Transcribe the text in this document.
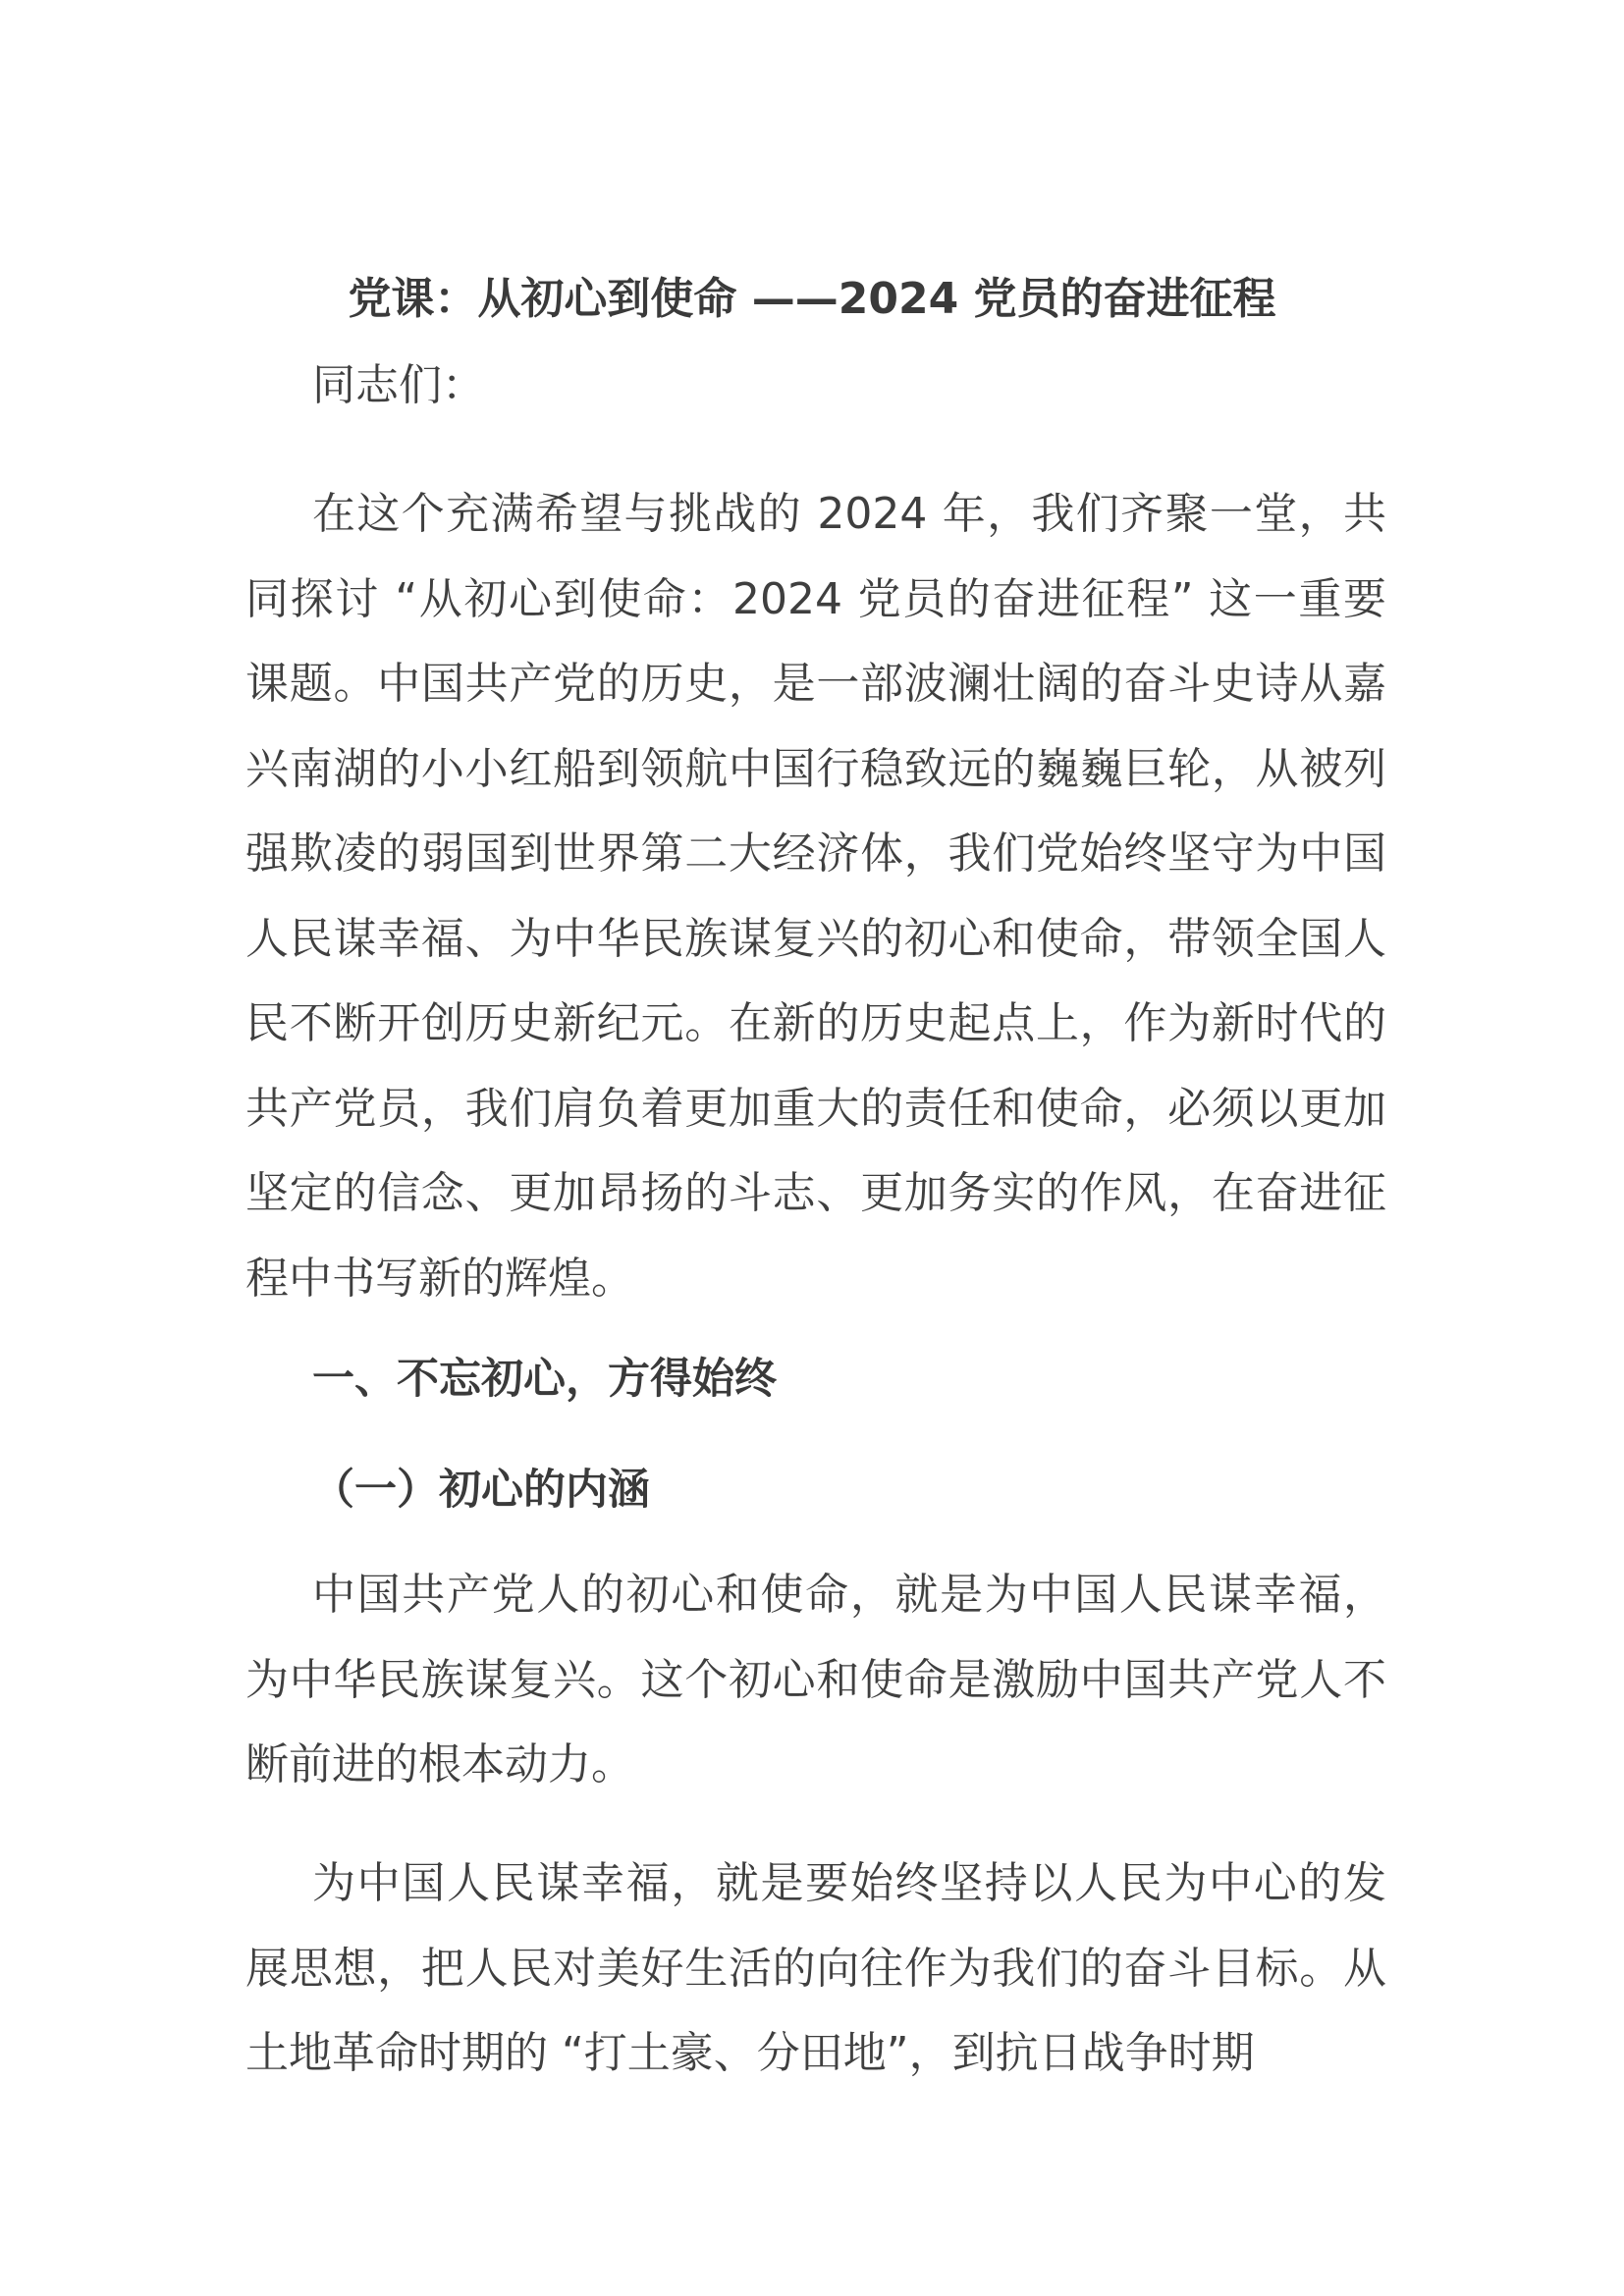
党课：从初心到使命 ——2024 党员的奋进征程

同志们：

在这个充满希望与挑战的 2024 年，我们齐聚一堂，共同探讨 “从初心到使命：2024 党员的奋进征程” 这一重要课题。中国共产党的历史，是一部波澜壮阔的奋斗史诗从嘉兴南湖的小小红船到领航中国行稳致远的巍巍巨轮，从被列强欺凌的弱国到世界第二大经济体，我们党始终坚守为中国人民谋幸福、为中华民族谋复兴的初心和使命，带领全国人民不断开创历史新纪元。在新的历史起点上，作为新时代的共产党员，我们肩负着更加重大的责任和使命，必须以更加坚定的信念、更加昂扬的斗志、更加务实的作风，在奋进征程中书写新的辉煌。

一、不忘初心，方得始终
（一）初心的内涵

中国共产党人的初心和使命，就是为中国人民谋幸福，为中华民族谋复兴。这个初心和使命是激励中国共产党人不断前进的根本动力。

为中国人民谋幸福，就是要始终坚持以人民为中心的发展思想，把人民对美好生活的向往作为我们的奋斗目标。从土地革命时期的 “打土豪、分田地”，到抗日战争时期
